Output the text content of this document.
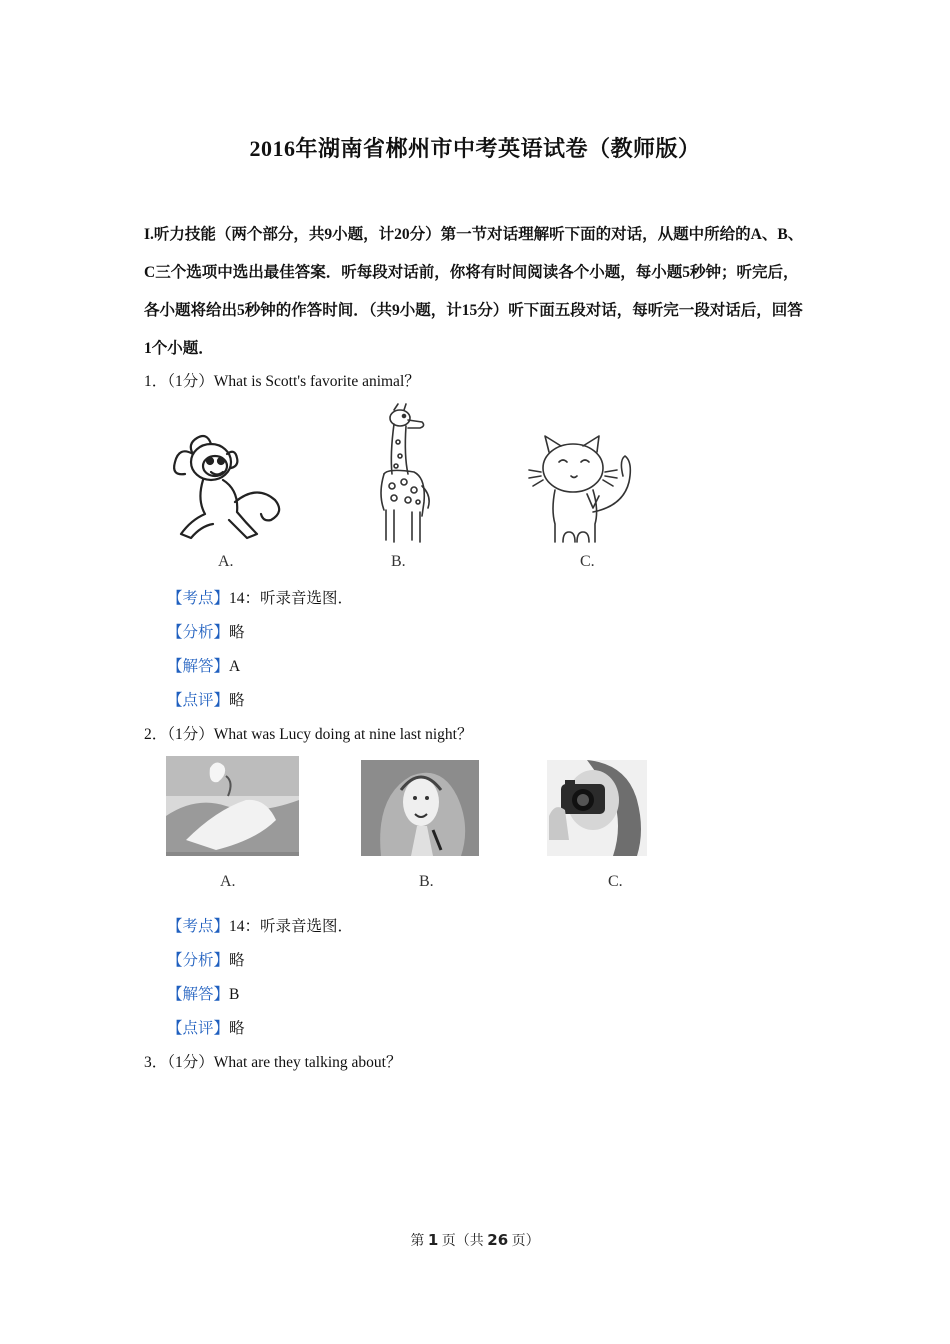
2016年湖南省郴州市中考英语试卷（教师版）
I.听力技能（两个部分，共9小题，计20分）第一节对话理解听下面的对话，从题中所给的A、B、C三个选项中选出最佳答案．听每段对话前，你将有时间阅读各个小题，每小题5秒钟；听完后，各小题将给出5秒钟的作答时间．（共9小题，计15分）听下面五段对话，每听完一段对话后，回答1个小题．
1．（1分）What is Scott's favorite animal？
A.	B.	C.
【考点】14：听录音选图．
【分析】略
【解答】A
【点评】略
2．（1分）What was Lucy doing at nine last night？
A.	B.	C.
【考点】14：听录音选图．
【分析】略
【解答】B
【点评】略
3．（1分）What are they talking about？
第 1 页（共 26 页）
